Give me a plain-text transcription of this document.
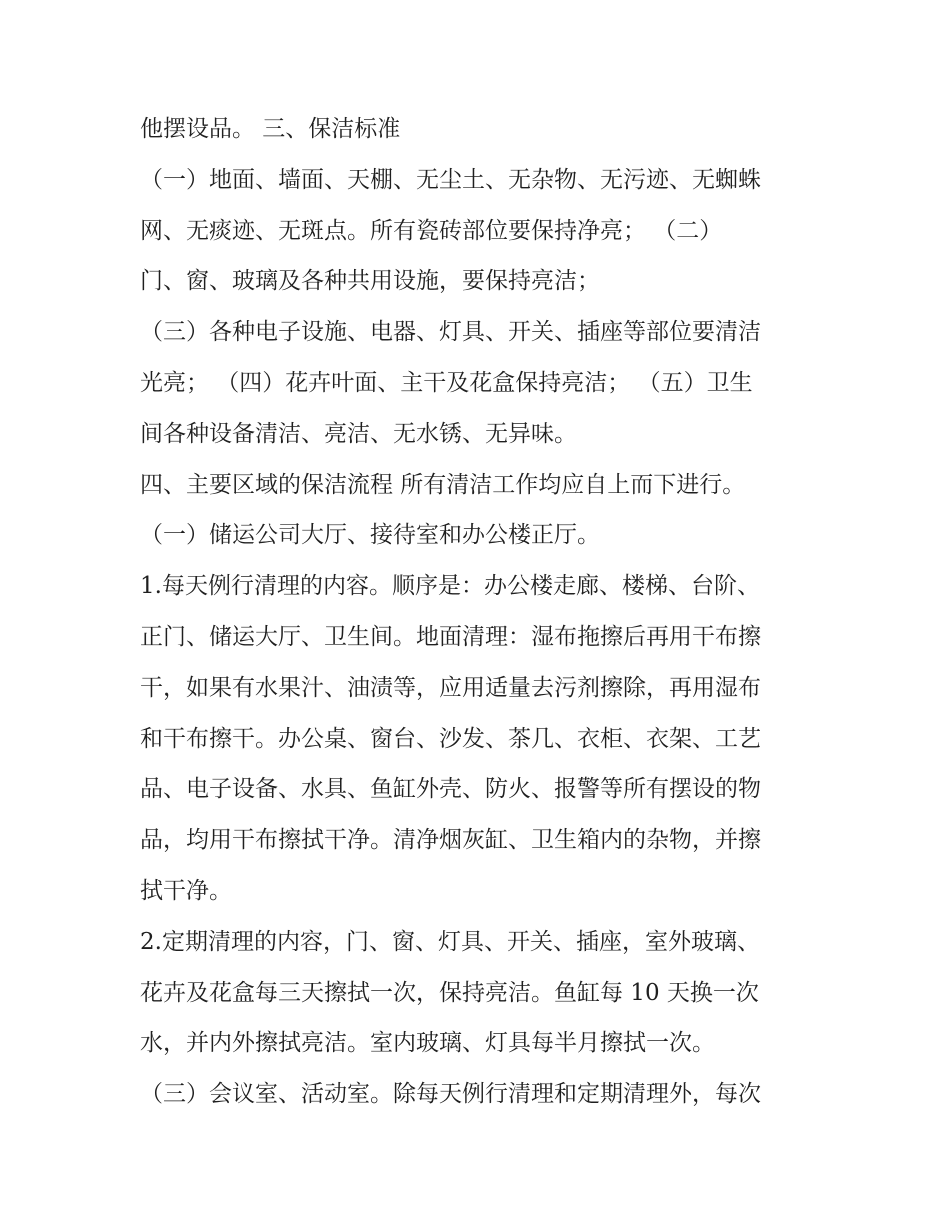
他摆设品。 三、保洁标准
（一）地面、墙面、天棚、无尘土、无杂物、无污迹、无蜘蛛
网、无痰迹、无斑点。所有瓷砖部位要保持净亮； （二）
门、窗、玻璃及各种共用设施，要保持亮洁；
（三）各种电子设施、电器、灯具、开关、插座等部位要清洁
光亮； （四）花卉叶面、主干及花盒保持亮洁； （五）卫生
间各种设备清洁、亮洁、无水锈、无异味。
四、主要区域的保洁流程 所有清洁工作均应自上而下进行。
（一）储运公司大厅、接待室和办公楼正厅。
1.每天例行清理的内容。顺序是：办公楼走廊、楼梯、台阶、
正门、储运大厅、卫生间。地面清理：湿布拖擦后再用干布擦
干，如果有水果汁、油渍等，应用适量去污剂擦除，再用湿布
和干布擦干。办公桌、窗台、沙发、茶几、衣柜、衣架、工艺
品、电子设备、水具、鱼缸外壳、防火、报警等所有摆设的物
品，均用干布擦拭干净。清净烟灰缸、卫生箱内的杂物，并擦
拭干净。
2.定期清理的内容，门、窗、灯具、开关、插座，室外玻璃、
花卉及花盒每三天擦拭一次，保持亮洁。鱼缸每 10 天换一次
水，并内外擦拭亮洁。室内玻璃、灯具每半月擦拭一次。
（三）会议室、活动室。除每天例行清理和定期清理外，每次
